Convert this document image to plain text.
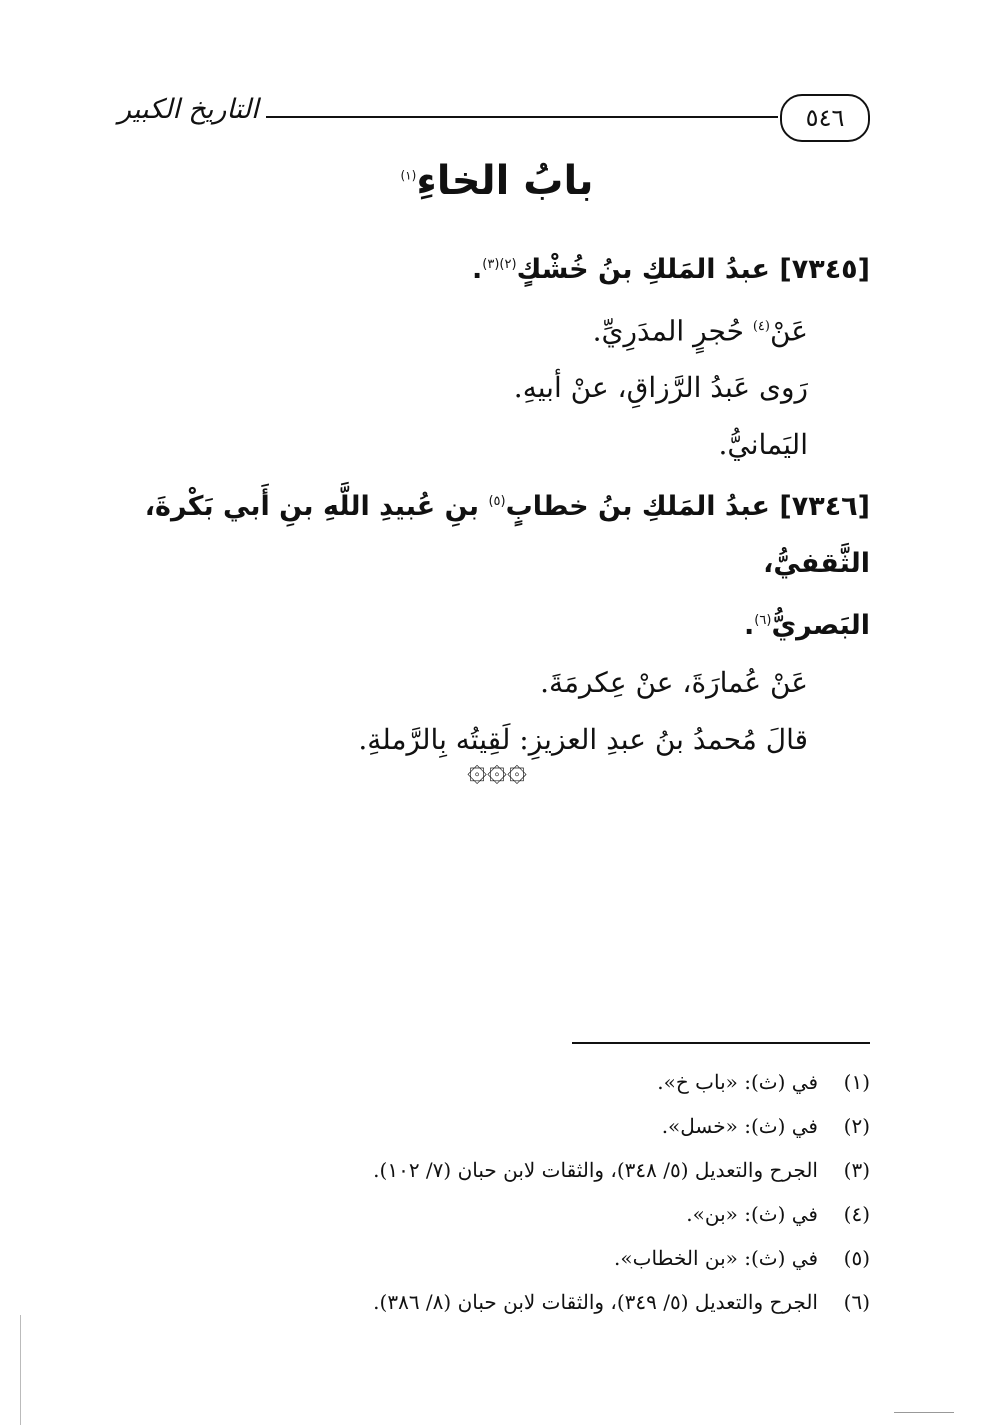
التاريخ الكبير	٥٤٦
بابُ الخاءِ$^{(١)}$

[٧٣٤٥] عبدُ المَلكِ بنُ خُشْكٍ$^{(٢)(٣)}$.

عَنْ$^{(٤)}$ حُجرٍ المدَرِيِّ.

رَوى عَبدُ الرَّزاقِ، عنْ أبيهِ.

اليَمانيُّ.

[٧٣٤٦] عبدُ المَلكِ بنُ خطابٍ$^{(٥)}$ بنِ عُبيدِ اللَّهِ بنِ أَبي بَكْرةَ، الثَّقفيُّ،

البَصريُّ$^{(٦)}$.

عَنْ عُمارَةَ، عنْ عِكرمَةَ.

قالَ مُحمدُ بنُ عبدِ العزيزِ: لَقِيتُه بِالرَّملةِ.

۞۞۞
(١)
في (ث): «باب خ».
(٢)
في (ث): «خسل».
(٣)
الجرح والتعديل (٥/ ٣٤٨)، والثقات لابن حبان (٧/ ١٠٢).
(٤)
في (ث): «بن».
(٥)
في (ث): «بن الخطاب».
(٦)
الجرح والتعديل (٥/ ٣٤٩)، والثقات لابن حبان (٨/ ٣٨٦).
